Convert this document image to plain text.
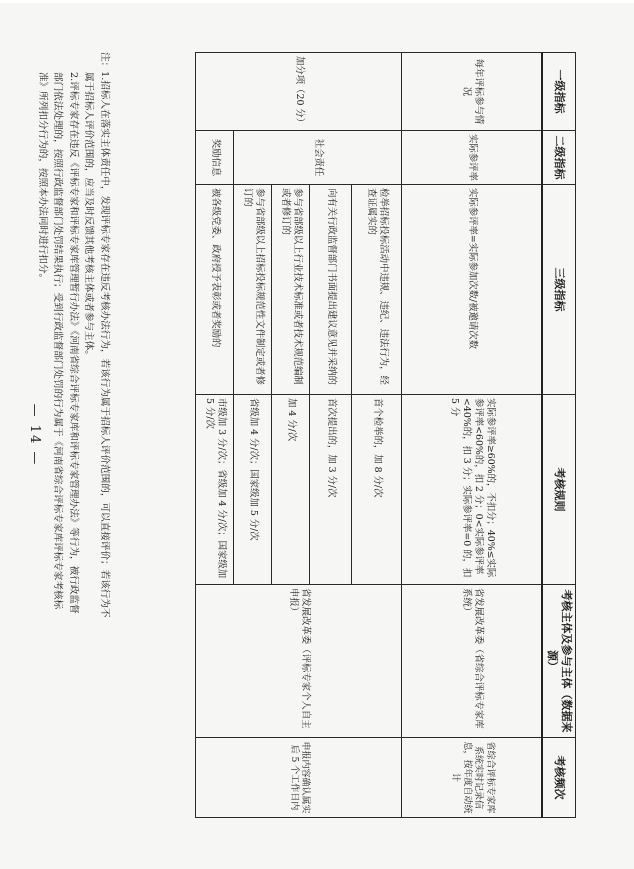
一级指标	二级指标	三级指标	考核规则	考核主体及参与主体（数据来源）	考核频次
每年评标参与情况	实际参评率	实际参评率=实际参加次数/被邀请次数	实际参评率≥60%的，不扣分；40%≤实际参评率<60%的，扣 2 分；0<实际参评率<40%的，扣 3 分；实际参评率=0 的，扣 5 分	省发展改革委（省综合评标专家库系统）	省综合评标专家库系统实时记录信息，按年度自动统计
加分项（20 分）	社会责任	检举招标投标活动中违规、违纪、违法行为，经查证属实的	首个检举的，加 8 分/次	省发展改革委（评标专家个人自主申报）	申报内容确认属实后 5 个工作日内
		向有关行政监督部门书面提出建议意见并采纳的	首次提出的，加 3 分/次		
		参与省部级以上行业技术标准或者技术规范编制或者修订的	加 4 分/次		
		参与省部级以上招标投标规范性文件制定或者修订的	省级加 4 分/次；国家级加 5 分/次		
	奖励信息	被各级党委、政府授予表彰或者奖励的	市级加 3 分/次；省级加 4 分/次；国家级加 5 分/次		

注：1.招标人在落实主体责任中，发现评标专家存在违反考核办法行为，若该行为属于招标人评价范围的，可以直接评价；若该行为不

属于招标人评价范围的，应当及时反馈其他考核主体或者参与主体。

2.评标专家存在违反《评标专家和评标专家库管理暂行办法》《河南省综合评标专家库和评标专家管理办法》等行为，被行政监督

部门依法处理的，按照行政监督部门处罚结果执行；受到行政监督部门处罚的行为属于《河南省综合评标专家库评标专家考核标

准》所列扣分行为的，按照本办法同时进行扣分。

— 14 —
